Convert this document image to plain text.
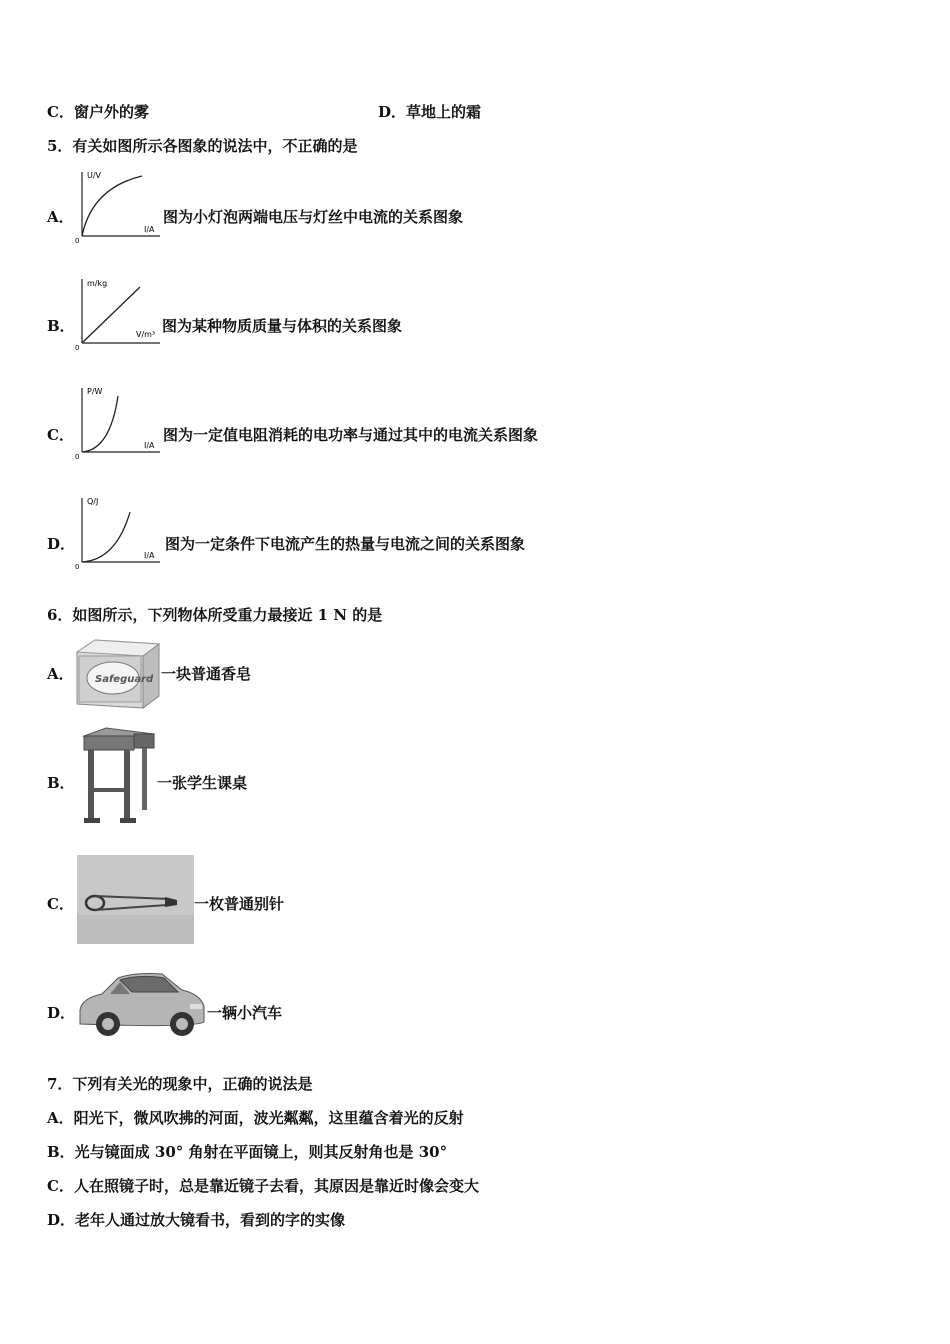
C．窗户外的雾	D．草地上的霜
5．有关如图所示各图象的说法中，不正确的是
A．
U/V
I/A
0
图为小灯泡两端电压与灯丝中电流的关系图象
B．
m/kg
V/m³
0
图为某种物质质量与体积的关系图象
C．
P/W
I/A
0
图为一定值电阻消耗的电功率与通过其中的电流关系图象
D．
Q/J
I/A
0
图为一定条件下电流产生的热量与电流之间的关系图象
6．如图所示，下列物体所受重力最接近 1 N 的是
A． Safeguard 一块普通香皂
B．	一张学生课桌
C．	一枚普通别针
D．	一辆小汽车
7．下列有关光的现象中，正确的说法是
A．阳光下，微风吹拂的河面，波光粼粼，这里蕴含着光的反射
B．光与镜面成 30° 角射在平面镜上，则其反射角也是 30°
C．人在照镜子时，总是靠近镜子去看，其原因是靠近时像会变大
D．老年人通过放大镜看书，看到的字的实像
